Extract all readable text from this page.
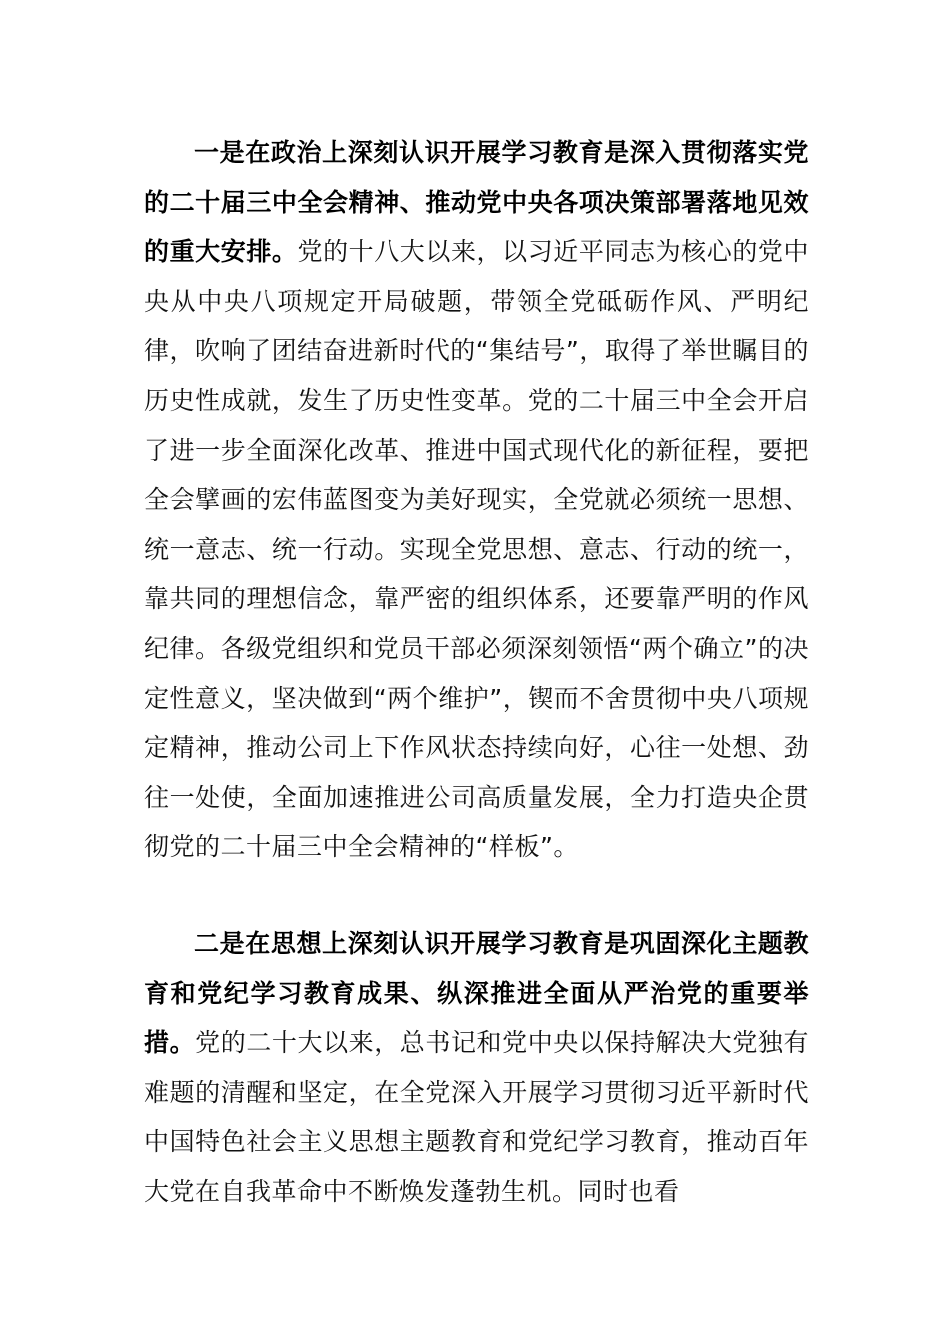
一是在政治上深刻认识开展学习教育是深入贯彻落实党的二十届三中全会精神、推动党中央各项决策部署落地见效的重大安排。党的十八大以来，以习近平同志为核心的党中央从中央八项规定开局破题，带领全党砥砺作风、严明纪律，吹响了团结奋进新时代的“集结号”，取得了举世瞩目的历史性成就，发生了历史性变革。党的二十届三中全会开启了进一步全面深化改革、推进中国式现代化的新征程，要把全会擘画的宏伟蓝图变为美好现实，全党就必须统一思想、统一意志、统一行动。实现全党思想、意志、行动的统一，靠共同的理想信念，靠严密的组织体系，还要靠严明的作风纪律。各级党组织和党员干部必须深刻领悟“两个确立”的决定性意义，坚决做到“两个维护”，锲而不舍贯彻中央八项规定精神，推动公司上下作风状态持续向好，心往一处想、劲往一处使，全面加速推进公司高质量发展，全力打造央企贯彻党的二十届三中全会精神的“样板”。

二是在思想上深刻认识开展学习教育是巩固深化主题教育和党纪学习教育成果、纵深推进全面从严治党的重要举措。党的二十大以来，总书记和党中央以保持解决大党独有难题的清醒和坚定，在全党深入开展学习贯彻习近平新时代中国特色社会主义思想主题教育和党纪学习教育，推动百年大党在自我革命中不断焕发蓬勃生机。同时也看
